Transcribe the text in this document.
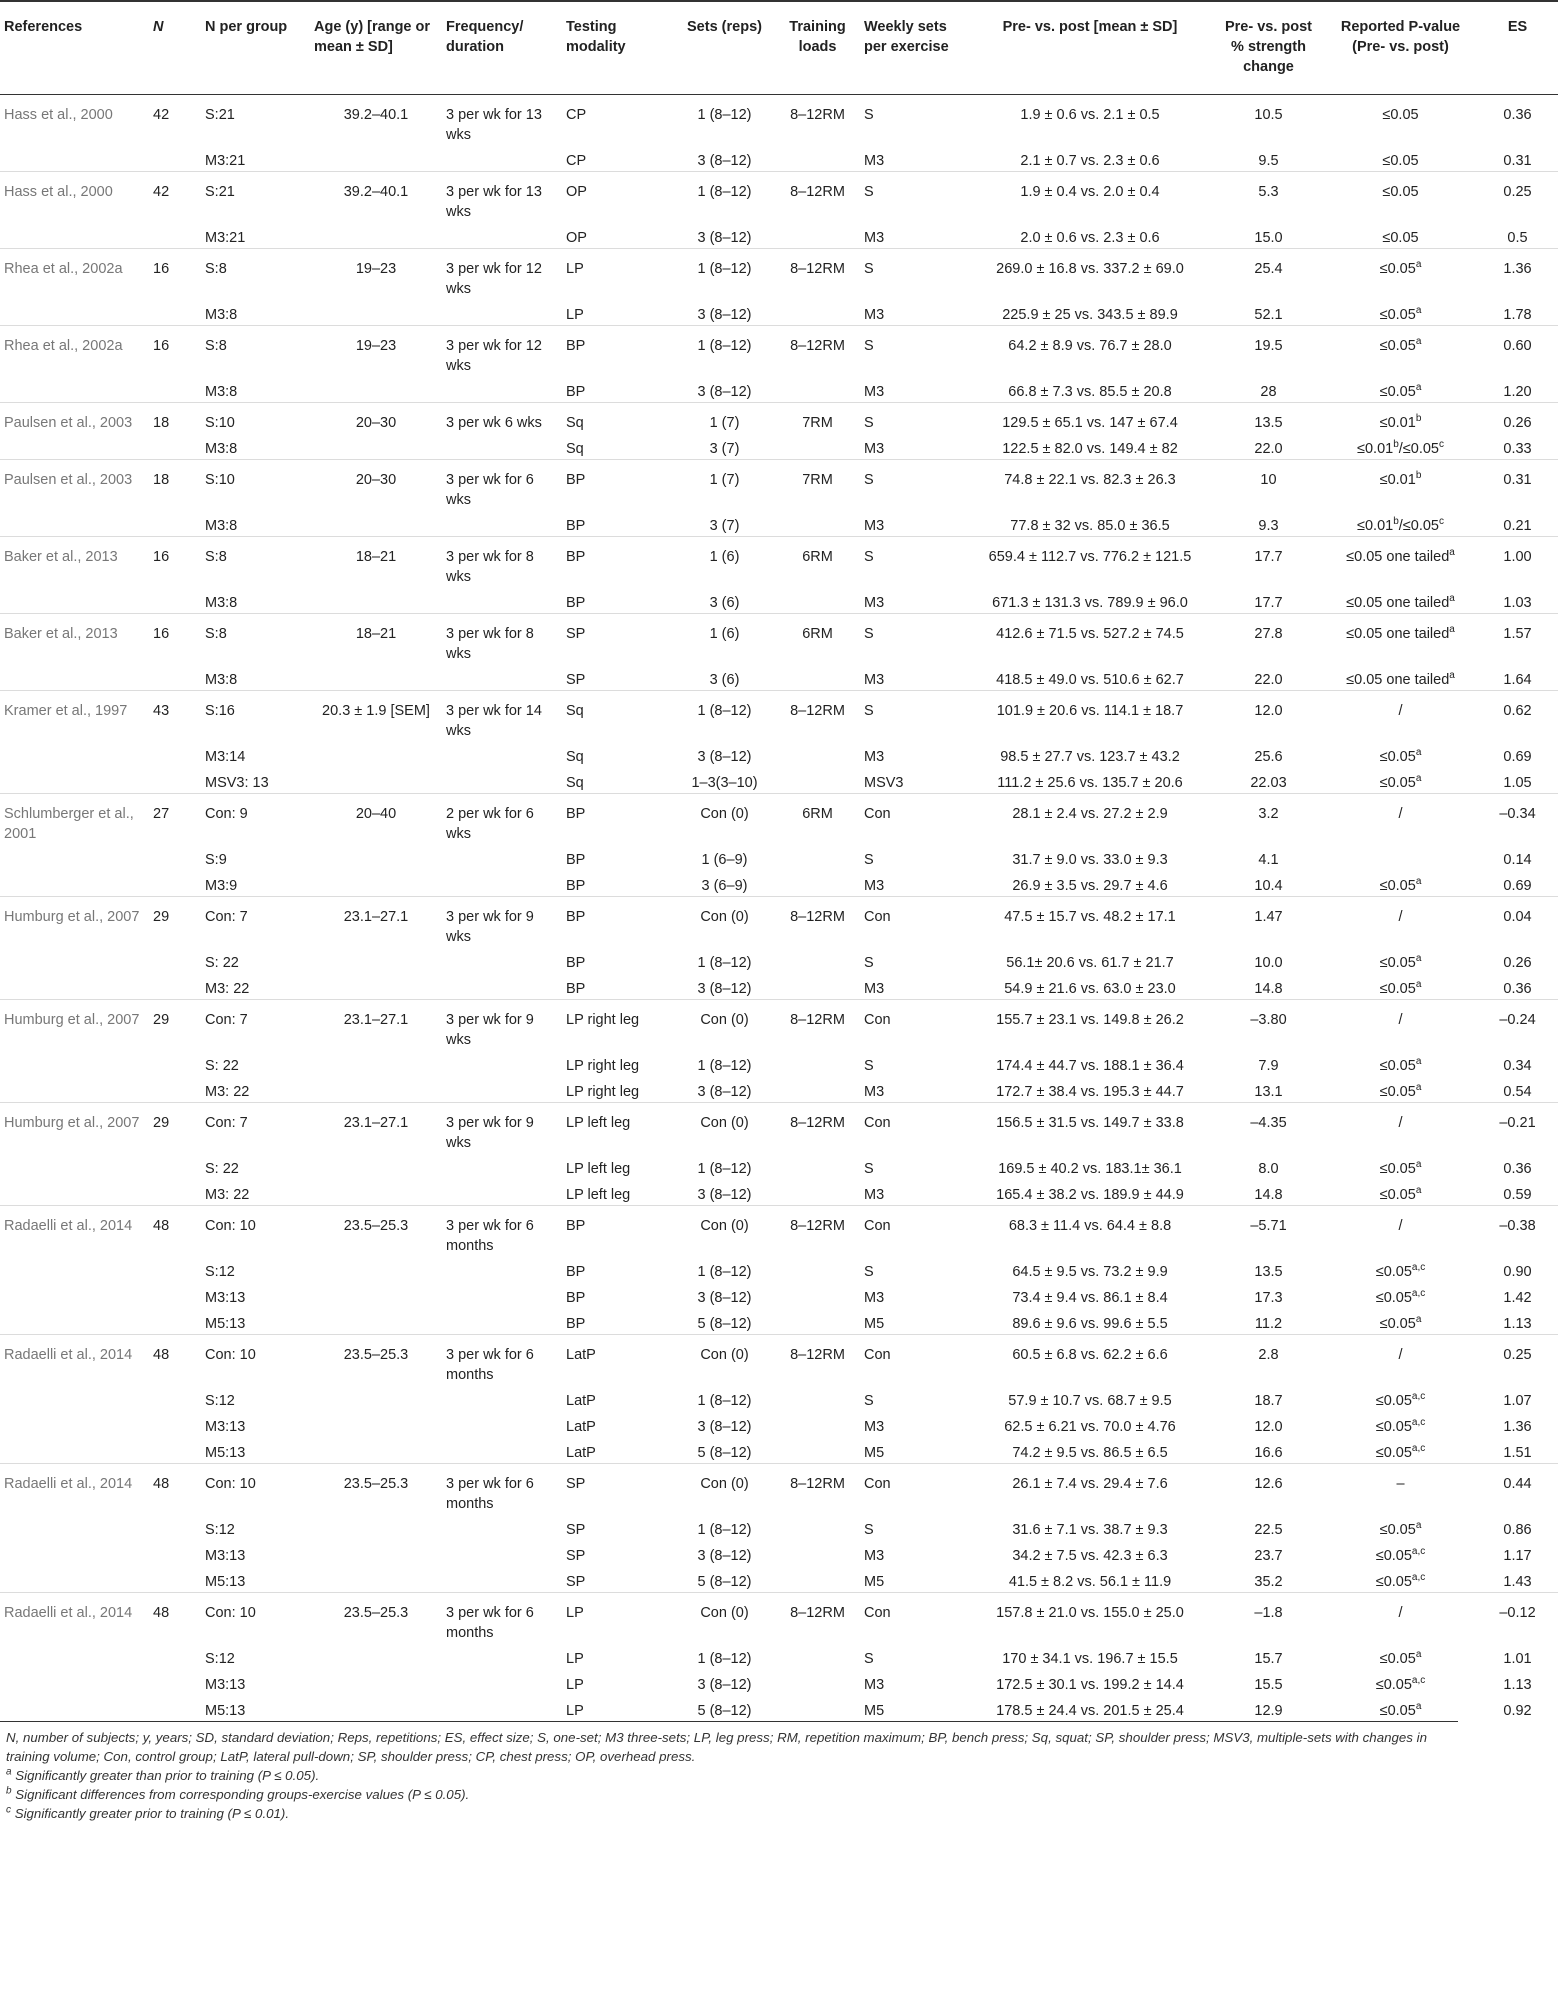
References	N	N per group	Age (y) [range or mean ± SD]	Frequency/ duration	Testing modality	Sets (reps)	Training loads	Weekly sets per exercise	Pre- vs. post [mean ± SD]	Pre- vs. post % strength change	Reported P-value (Pre- vs. post)	ES
Hass et al., 2000	42	S:21	39.2–40.1	3 per wk for 13 wks	CP	1 (8–12)	8–12RM	S	1.9 ± 0.6 vs. 2.1 ± 0.5	10.5	≤0.05	0.36
		M3:21			CP	3 (8–12)		M3	2.1 ± 0.7 vs. 2.3 ± 0.6	9.5	≤0.05	0.31
Hass et al., 2000	42	S:21	39.2–40.1	3 per wk for 13 wks	OP	1 (8–12)	8–12RM	S	1.9 ± 0.4 vs. 2.0 ± 0.4	5.3	≤0.05	0.25
		M3:21			OP	3 (8–12)		M3	2.0 ± 0.6 vs. 2.3 ± 0.6	15.0	≤0.05	0.5
Rhea et al., 2002a	16	S:8	19–23	3 per wk for 12 wks	LP	1 (8–12)	8–12RM	S	269.0 ± 16.8 vs. 337.2 ± 69.0	25.4	≤0.05$^a$	1.36
		M3:8			LP	3 (8–12)		M3	225.9 ± 25 vs. 343.5 ± 89.9	52.1	≤0.05$^a$	1.78
Rhea et al., 2002a	16	S:8	19–23	3 per wk for 12 wks	BP	1 (8–12)	8–12RM	S	64.2 ± 8.9 vs. 76.7 ± 28.0	19.5	≤0.05$^a$	0.60
		M3:8			BP	3 (8–12)		M3	66.8 ± 7.3 vs. 85.5 ± 20.8	28	≤0.05$^a$	1.20
Paulsen et al., 2003	18	S:10	20–30	3 per wk 6 wks	Sq	1 (7)	7RM	S	129.5 ± 65.1 vs. 147 ± 67.4	13.5	≤0.01$^b$	0.26
		M3:8			Sq	3 (7)		M3	122.5 ± 82.0 vs. 149.4 ± 82	22.0	≤0.01$^b$/≤0.05$^c$	0.33
Paulsen et al., 2003	18	S:10	20–30	3 per wk for 6 wks	BP	1 (7)	7RM	S	74.8 ± 22.1 vs. 82.3 ± 26.3	10	≤0.01$^b$	0.31
		M3:8			BP	3 (7)		M3	77.8 ± 32 vs. 85.0 ± 36.5	9.3	≤0.01$^b$/≤0.05$^c$	0.21
Baker et al., 2013	16	S:8	18–21	3 per wk for 8 wks	BP	1 (6)	6RM	S	659.4 ± 112.7 vs. 776.2 ± 121.5	17.7	≤0.05 one tailed$^a$	1.00
		M3:8			BP	3 (6)		M3	671.3 ± 131.3 vs. 789.9 ± 96.0	17.7	≤0.05 one tailed$^a$	1.03
Baker et al., 2013	16	S:8	18–21	3 per wk for 8 wks	SP	1 (6)	6RM	S	412.6 ± 71.5 vs. 527.2 ± 74.5	27.8	≤0.05 one tailed$^a$	1.57
		M3:8			SP	3 (6)		M3	418.5 ± 49.0 vs. 510.6 ± 62.7	22.0	≤0.05 one tailed$^a$	1.64
Kramer et al., 1997	43	S:16	20.3 ± 1.9 [SEM]	3 per wk for 14 wks	Sq	1 (8–12)	8–12RM	S	101.9 ± 20.6 vs. 114.1 ± 18.7	12.0	/	0.62
		M3:14			Sq	3 (8–12)		M3	98.5 ± 27.7 vs. 123.7 ± 43.2	25.6	≤0.05$^a$	0.69
		MSV3: 13			Sq	1–3(3–10)		MSV3	111.2 ± 25.6 vs. 135.7 ± 20.6	22.03	≤0.05$^a$	1.05
Schlumberger et al., 2001	27	Con: 9	20–40	2 per wk for 6 wks	BP	Con (0)	6RM	Con	28.1 ± 2.4 vs. 27.2 ± 2.9	3.2	/	–0.34
		S:9			BP	1 (6–9)		S	31.7 ± 9.0 vs. 33.0 ± 9.3	4.1		0.14
		M3:9			BP	3 (6–9)		M3	26.9 ± 3.5 vs. 29.7 ± 4.6	10.4	≤0.05$^a$	0.69
Humburg et al., 2007	29	Con: 7	23.1–27.1	3 per wk for 9 wks	BP	Con (0)	8–12RM	Con	47.5 ± 15.7 vs. 48.2 ± 17.1	1.47	/	0.04
		S: 22			BP	1 (8–12)		S	56.1± 20.6 vs. 61.7 ± 21.7	10.0	≤0.05$^a$	0.26
		M3: 22			BP	3 (8–12)		M3	54.9 ± 21.6 vs. 63.0 ± 23.0	14.8	≤0.05$^a$	0.36
Humburg et al., 2007	29	Con: 7	23.1–27.1	3 per wk for 9 wks	LP right leg	Con (0)	8–12RM	Con	155.7 ± 23.1 vs. 149.8 ± 26.2	–3.80	/	–0.24
		S: 22			LP right leg	1 (8–12)		S	174.4 ± 44.7 vs. 188.1 ± 36.4	7.9	≤0.05$^a$	0.34
		M3: 22			LP right leg	3 (8–12)		M3	172.7 ± 38.4 vs. 195.3 ± 44.7	13.1	≤0.05$^a$	0.54
Humburg et al., 2007	29	Con: 7	23.1–27.1	3 per wk for 9 wks	LP left leg	Con (0)	8–12RM	Con	156.5 ± 31.5 vs. 149.7 ± 33.8	–4.35	/	–0.21
		S: 22			LP left leg	1 (8–12)		S	169.5 ± 40.2 vs. 183.1± 36.1	8.0	≤0.05$^a$	0.36
		M3: 22			LP left leg	3 (8–12)		M3	165.4 ± 38.2 vs. 189.9 ± 44.9	14.8	≤0.05$^a$	0.59
Radaelli et al., 2014	48	Con: 10	23.5–25.3	3 per wk for 6 months	BP	Con (0)	8–12RM	Con	68.3 ± 11.4 vs. 64.4 ± 8.8	–5.71	/	–0.38
		S:12			BP	1 (8–12)		S	64.5 ± 9.5 vs. 73.2 ± 9.9	13.5	$\le 0.05^{a,c}$	0.90
		M3:13			BP	3 (8–12)		M3	73.4 ± 9.4 vs. 86.1 ± 8.4	17.3	$\le 0.05^{a,c}$	1.42
		M5:13			BP	5 (8–12)		M5	89.6 ± 9.6 vs. 99.6 ± 5.5	11.2	≤0.05$^a$	1.13
Radaelli et al., 2014	48	Con: 10	23.5–25.3	3 per wk for 6 months	LatP	Con (0)	8–12RM	Con	60.5 ± 6.8 vs. 62.2 ± 6.6	2.8	/	0.25
		S:12			LatP	1 (8–12)		S	57.9 ± 10.7 vs. 68.7 ± 9.5	18.7	$\le 0.05^{a,c}$	1.07
		M3:13			LatP	3 (8–12)		M3	62.5 ± 6.21 vs. 70.0 ± 4.76	12.0	$\le 0.05^{a,c}$	1.36
		M5:13			LatP	5 (8–12)		M5	74.2 ± 9.5 vs. 86.5 ± 6.5	16.6	$\le 0.05^{a,c}$	1.51
Radaelli et al., 2014	48	Con: 10	23.5–25.3	3 per wk for 6 months	SP	Con (0)	8–12RM	Con	26.1 ± 7.4 vs. 29.4 ± 7.6	12.6	–	0.44
		S:12			SP	1 (8–12)		S	31.6 ± 7.1 vs. 38.7 ± 9.3	22.5	≤0.05$^a$	0.86
		M3:13			SP	3 (8–12)		M3	34.2 ± 7.5 vs. 42.3 ± 6.3	23.7	$\le 0.05^{a,c}$	1.17
		M5:13			SP	5 (8–12)		M5	41.5 ± 8.2 vs. 56.1 ± 11.9	35.2	$\le 0.05^{a,c}$	1.43
Radaelli et al., 2014	48	Con: 10	23.5–25.3	3 per wk for 6 months	LP	Con (0)	8–12RM	Con	157.8 ± 21.0 vs. 155.0 ± 25.0	–1.8	/	–0.12
		S:12			LP	1 (8–12)		S	170 ± 34.1 vs. 196.7 ± 15.5	15.7	≤0.05$^a$	1.01
		M3:13			LP	3 (8–12)		M3	172.5 ± 30.1 vs. 199.2 ± 14.4	15.5	$\le 0.05^{a,c}$	1.13
		M5:13			LP	5 (8–12)		M5	178.5 ± 24.4 vs. 201.5 ± 25.4	12.9	≤0.05$^a$	0.92

N, number of subjects; y, years; SD, standard deviation; Reps, repetitions; ES, effect size; S, one-set; M3 three-sets; LP, leg press; RM, repetition maximum; BP, bench press; Sq, squat; SP, shoulder press; MSV3, multiple-sets with changes in training volume; Con, control group; LatP, lateral pull-down; SP, shoulder press; CP, chest press; OP, overhead press.

$^a$ Significantly greater than prior to training (P ≤ 0.05).

$^b$ Significant differences from corresponding groups-exercise values (P ≤ 0.05).

$^c$ Significantly greater prior to training (P ≤ 0.01).
